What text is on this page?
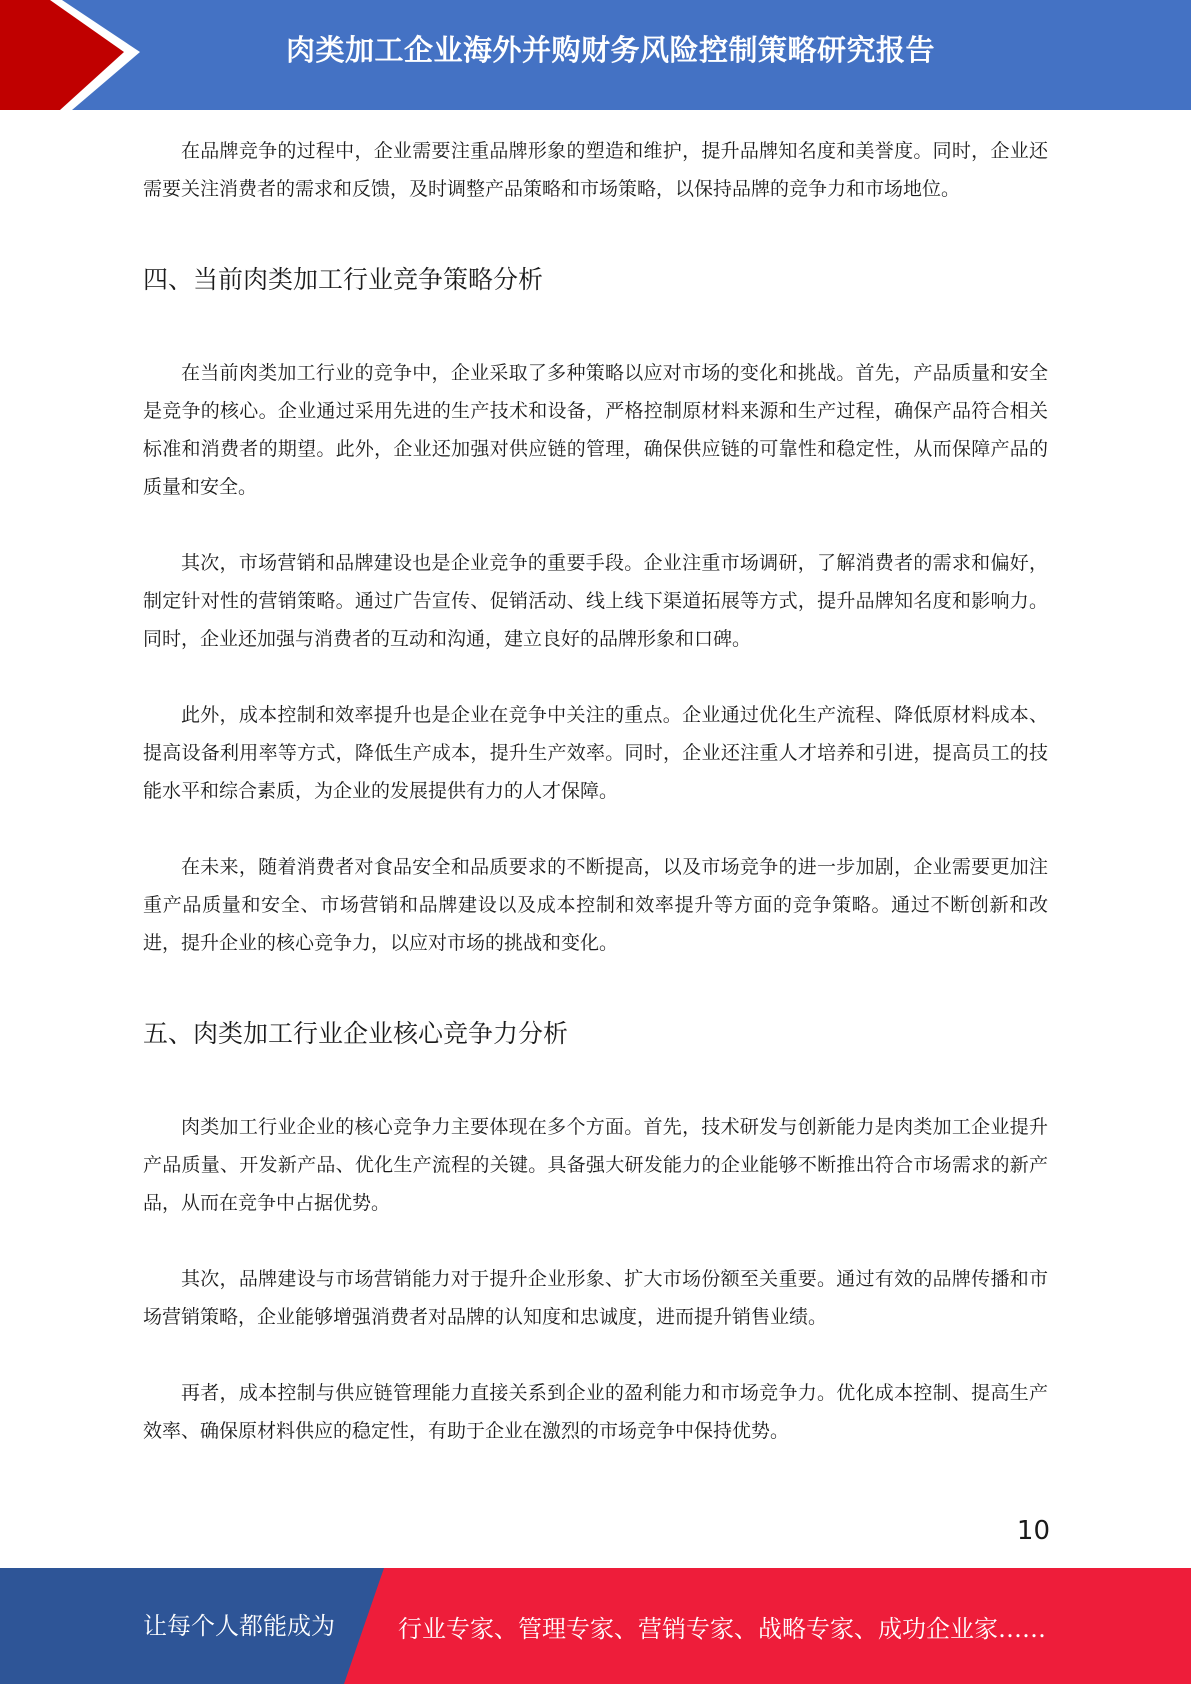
肉类加工企业海外并购财务风险控制策略研究报告

在品牌竞争的过程中，企业需要注重品牌形象的塑造和维护，提升品牌知名度和美誉度。同时，企业还需要关注消费者的需求和反馈，及时调整产品策略和市场策略，以保持品牌的竞争力和市场地位。

四、当前肉类加工行业竞争策略分析

在当前肉类加工行业的竞争中，企业采取了多种策略以应对市场的变化和挑战。首先，产品质量和安全是竞争的核心。企业通过采用先进的生产技术和设备，严格控制原材料来源和生产过程，确保产品符合相关标准和消费者的期望。此外，企业还加强对供应链的管理，确保供应链的可靠性和稳定性，从而保障产品的质量和安全。

其次，市场营销和品牌建设也是企业竞争的重要手段。企业注重市场调研，了解消费者的需求和偏好，制定针对性的营销策略。通过广告宣传、促销活动、线上线下渠道拓展等方式，提升品牌知名度和影响力。同时，企业还加强与消费者的互动和沟通，建立良好的品牌形象和口碑。

此外，成本控制和效率提升也是企业在竞争中关注的重点。企业通过优化生产流程、降低原材料成本、提高设备利用率等方式，降低生产成本，提升生产效率。同时，企业还注重人才培养和引进，提高员工的技能水平和综合素质，为企业的发展提供有力的人才保障。

在未来，随着消费者对食品安全和品质要求的不断提高，以及市场竞争的进一步加剧，企业需要更加注重产品质量和安全、市场营销和品牌建设以及成本控制和效率提升等方面的竞争策略。通过不断创新和改进，提升企业的核心竞争力，以应对市场的挑战和变化。

五、肉类加工行业企业核心竞争力分析

肉类加工行业企业的核心竞争力主要体现在多个方面。首先，技术研发与创新能力是肉类加工企业提升产品质量、开发新产品、优化生产流程的关键。具备强大研发能力的企业能够不断推出符合市场需求的新产品，从而在竞争中占据优势。

其次，品牌建设与市场营销能力对于提升企业形象、扩大市场份额至关重要。通过有效的品牌传播和市场营销策略，企业能够增强消费者对品牌的认知度和忠诚度，进而提升销售业绩。

再者，成本控制与供应链管理能力直接关系到企业的盈利能力和市场竞争力。优化成本控制、提高生产效率、确保原材料供应的稳定性，有助于企业在激烈的市场竞争中保持优势。

10
让每个人都能成为	行业专家、管理专家、营销专家、战略专家、成功企业家……
